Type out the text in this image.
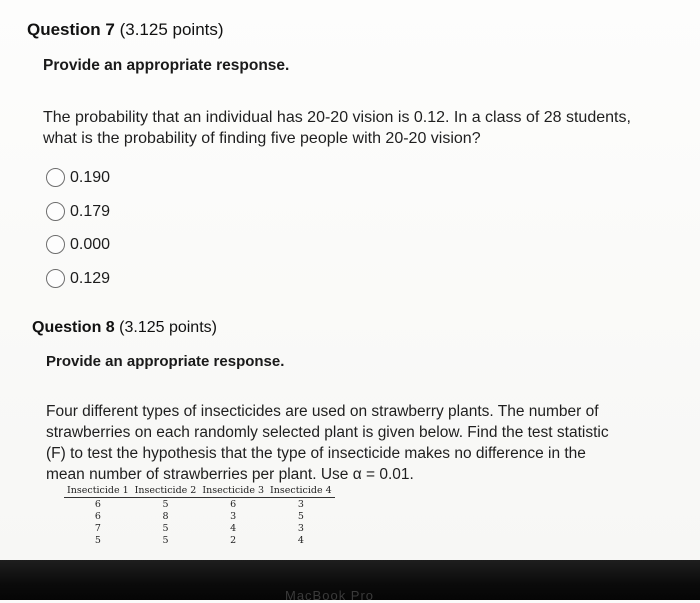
Question 7 (3.125 points)
Provide an appropriate response.
The probability that an individual has 20-20 vision is 0.12. In a class of 28 students,
what is the probability of finding five people with 20-20 vision?
0.190
0.179
0.000
0.129
Question 8 (3.125 points)
Provide an appropriate response.
Four different types of insecticides are used on strawberry plants. The number of
strawberries on each randomly selected plant is given below. Find the test statistic
(F) to test the hypothesis that the type of insecticide makes no difference in the
mean number of strawberries per plant. Use α = 0.01.
Insecticide 1	Insecticide 2	Insecticide 3	Insecticide 4
6	5	6	3
6	8	3	5
7	5	4	3
5	5	2	4
MacBook Pro
